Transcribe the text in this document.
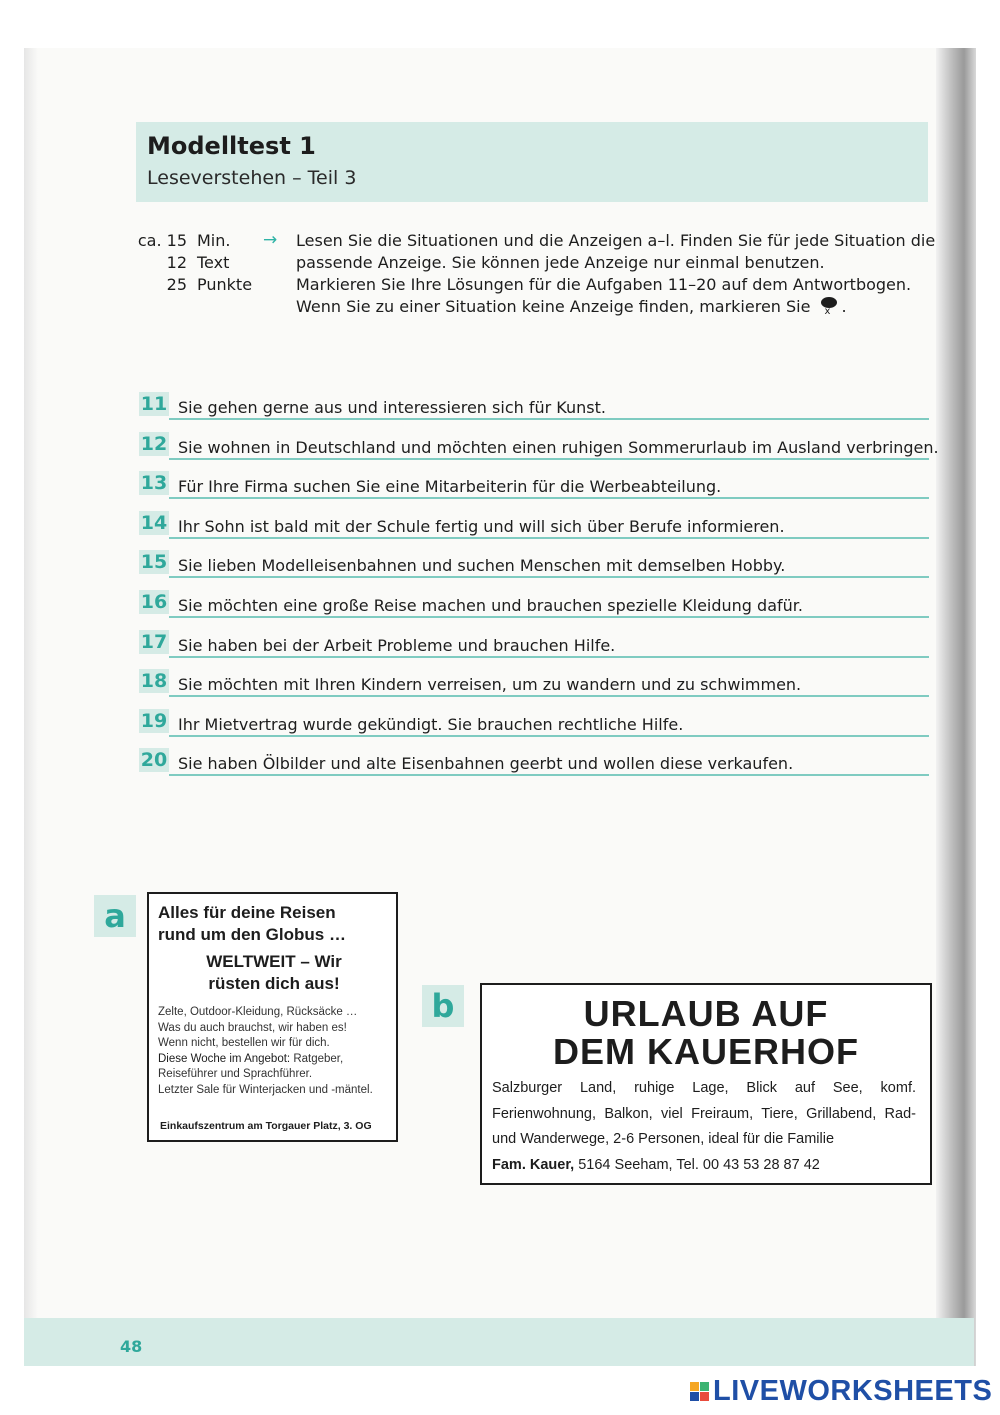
Modelltest 1
Leseverstehen – Teil 3
ca. 15 Min.
12 Text
25 Punkte
→ Lesen Sie die Situationen und die Anzeigen a–l. Finden Sie für jede Situation die passende Anzeige. Sie können jede Anzeige nur einmal benutzen.
Markieren Sie Ihre Lösungen für die Aufgaben 11–20 auf dem Antwortbogen.
Wenn Sie zu einer Situation keine Anzeige finden, markieren Sie x .
11 Sie gehen gerne aus und interessieren sich für Kunst.
12 Sie wohnen in Deutschland und möchten einen ruhigen Sommerurlaub im Ausland verbringen.
13 Für Ihre Firma suchen Sie eine Mitarbeiterin für die Werbeabteilung.
14 Ihr Sohn ist bald mit der Schule fertig und will sich über Berufe informieren.
15 Sie lieben Modelleisenbahnen und suchen Menschen mit demselben Hobby.
16 Sie möchten eine große Reise machen und brauchen spezielle Kleidung dafür.
17 Sie haben bei der Arbeit Probleme und brauchen Hilfe.
18 Sie möchten mit Ihren Kindern verreisen, um zu wandern und zu schwimmen.
19 Ihr Mietvertrag wurde gekündigt. Sie brauchen rechtliche Hilfe.
20 Sie haben Ölbilder und alte Eisenbahnen geerbt und wollen diese verkaufen.
a	Alles für deine Reisen
rund um den Globus …
WELTWEIT – Wir
rüsten dich aus!
Zelte, Outdoor-Kleidung, Rücksäcke …
Was du auch brauchst, wir haben es!
Wenn nicht, bestellen wir für dich.
Diese Woche im Angebot: Ratgeber, Reiseführer und Sprachführer.
Letzter Sale für Winterjacken und -mäntel.
Einkaufszentrum am Torgauer Platz, 3. OG
b	URLAUB AUF
DEM KAUERHOF
Salzburger Land, ruhige Lage, Blick auf See, komf. Ferienwohnung, Balkon, viel Freiraum, Tiere, Grillabend, Rad- und Wanderwege, 2-6 Personen, ideal für die Familie
Fam. Kauer, 5164 Seeham, Tel. 00 43 53 28 87 42
48
LIVEWORKSHEETS
